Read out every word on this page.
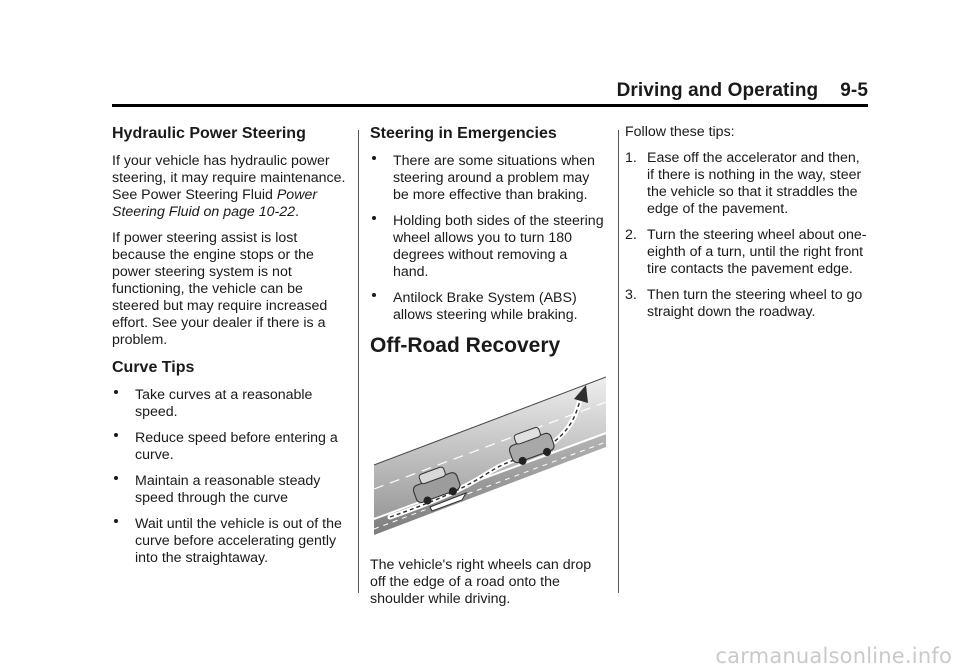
Driving and Operating 9-5
Hydraulic Power Steering

If your vehicle has hydraulic power steering, it may require maintenance. See Power Steering Fluid Power Steering Fluid on page 10-22.

If power steering assist is lost because the engine stops or the power steering system is not functioning, the vehicle can be steered but may require increased effort. See your dealer if there is a problem.

Curve Tips
Take curves at a reasonable speed.
Reduce speed before entering a curve.
Maintain a reasonable steady speed through the curve
Wait until the vehicle is out of the curve before accelerating gently into the straightaway.
Steering in Emergencies
There are some situations when steering around a problem may be more effective than braking.
Holding both sides of the steering wheel allows you to turn 180 degrees without removing a hand.
Antilock Brake System (ABS) allows steering while braking.
Off-Road Recovery

The vehicle's right wheels can drop off the edge of a road onto the shoulder while driving.

Follow these tips:

1. Ease off the accelerator and then, if there is nothing in the way, steer the vehicle so that it straddles the edge of the pavement.
2. Turn the steering wheel about one-eighth of a turn, until the right front tire contacts the pavement edge.
3. Then turn the steering wheel to go straight down the roadway.
carmanualsonline.info
